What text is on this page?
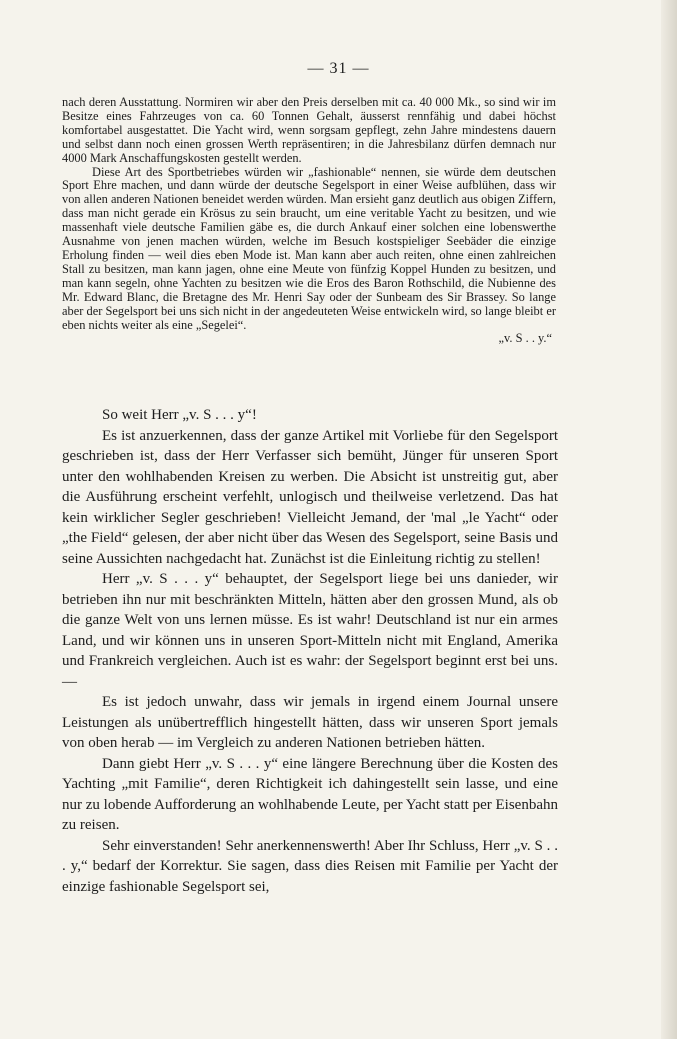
— 31 —

nach deren Ausstattung. Normiren wir aber den Preis derselben mit ca. 40 000 Mk., so sind wir im Besitze eines Fahrzeuges von ca. 60 Tonnen Gehalt, äusserst rennfähig und dabei höchst komfortabel ausgestattet. Die Yacht wird, wenn sorgsam gepflegt, zehn Jahre mindestens dauern und selbst dann noch einen grossen Werth repräsentiren; in die Jahresbilanz dürfen demnach nur 4000 Mark Anschaffungskosten gestellt werden.

Diese Art des Sportbetriebes würden wir „fashionable“ nennen, sie würde dem deutschen Sport Ehre machen, und dann würde der deutsche Segelsport in einer Weise aufblühen, dass wir von allen anderen Nationen beneidet werden würden. Man ersieht ganz deutlich aus obigen Ziffern, dass man nicht gerade ein Krösus zu sein braucht, um eine veritable Yacht zu besitzen, und wie massenhaft viele deutsche Familien gäbe es, die durch Ankauf einer solchen eine lobenswerthe Ausnahme von jenen machen würden, welche im Besuch kostspieliger Seebäder die einzige Erholung finden — weil dies eben Mode ist. Man kann aber auch reiten, ohne einen zahlreichen Stall zu besitzen, man kann jagen, ohne eine Meute von fünfzig Koppel Hunden zu besitzen, und man kann segeln, ohne Yachten zu besitzen wie die Eros des Baron Rothschild, die Nubienne des Mr. Edward Blanc, die Bretagne des Mr. Henri Say oder der Sunbeam des Sir Brassey. So lange aber der Segelsport bei uns sich nicht in der angedeuteten Weise entwickeln wird, so lange bleibt er eben nichts weiter als eine „Segelei“.
„v. S . . y.“

So weit Herr „v. S . . . y“!

Es ist anzuerkennen, dass der ganze Artikel mit Vorliebe für den Segelsport geschrieben ist, dass der Herr Verfasser sich bemüht, Jünger für unseren Sport unter den wohlhabenden Kreisen zu werben. Die Absicht ist unstreitig gut, aber die Ausführung erscheint verfehlt, unlogisch und theilweise verletzend. Das hat kein wirklicher Segler geschrieben! Vielleicht Jemand, der 'mal „le Yacht“ oder „the Field“ gelesen, der aber nicht über das Wesen des Segelsport, seine Basis und seine Aussichten nachgedacht hat. Zunächst ist die Einleitung richtig zu stellen!

Herr „v. S . . . y“ behauptet, der Segelsport liege bei uns danieder, wir betrieben ihn nur mit beschränkten Mitteln, hätten aber den grossen Mund, als ob die ganze Welt von uns lernen müsse. Es ist wahr! Deutschland ist nur ein armes Land, und wir können uns in unseren Sport-Mitteln nicht mit England, Amerika und Frankreich vergleichen. Auch ist es wahr: der Segelsport beginnt erst bei uns. —

Es ist jedoch unwahr, dass wir jemals in irgend einem Journal unsere Leistungen als unübertrefflich hingestellt hätten, dass wir unseren Sport jemals von oben herab — im Vergleich zu anderen Nationen betrieben hätten.

Dann giebt Herr „v. S . . . y“ eine längere Berechnung über die Kosten des Yachting „mit Familie“, deren Richtigkeit ich dahingestellt sein lasse, und eine nur zu lobende Aufforderung an wohlhabende Leute, per Yacht statt per Eisenbahn zu reisen.

Sehr einverstanden! Sehr anerkennenswerth! Aber Ihr Schluss, Herr „v. S . . . y,“ bedarf der Korrektur. Sie sagen, dass dies Reisen mit Familie per Yacht der einzige fashionable Segelsport sei,
